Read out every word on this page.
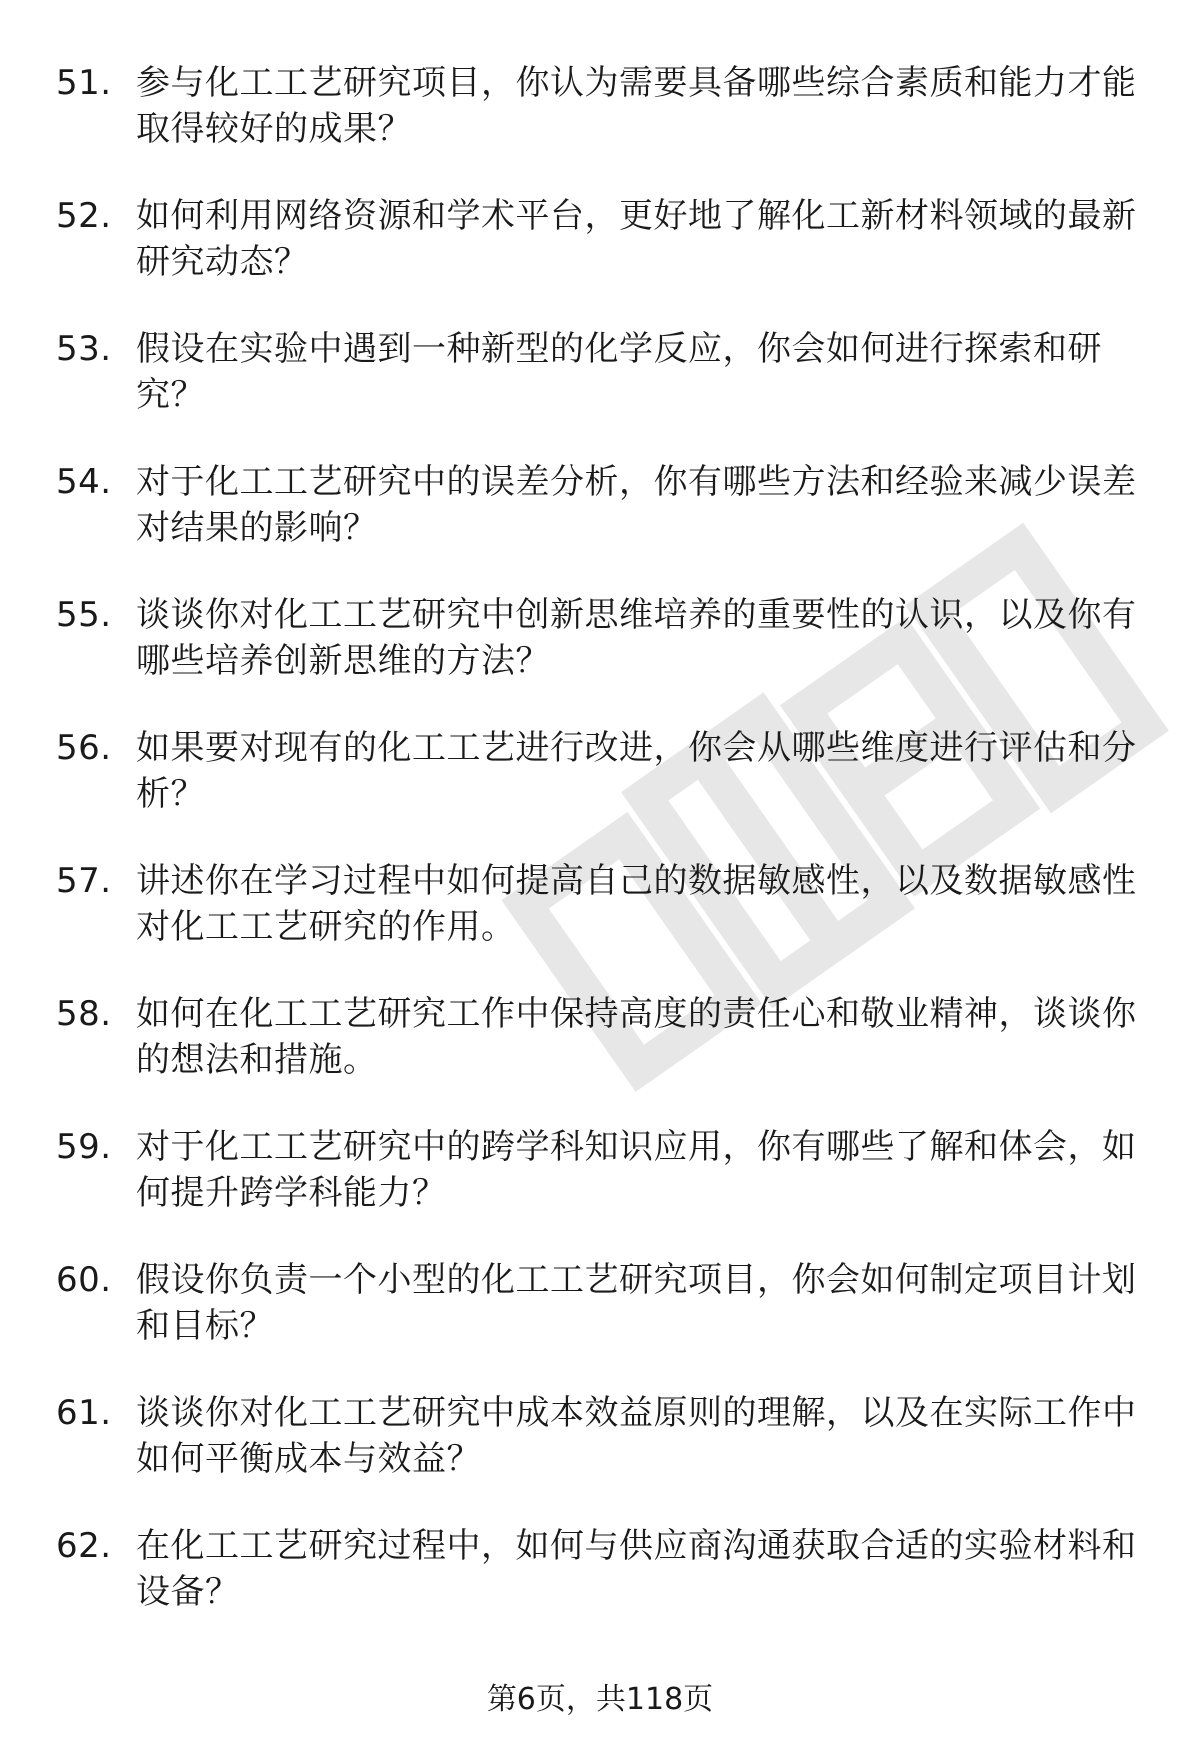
51. 参与化工工艺研究项目，你认为需要具备哪些综合素质和能力才能取得较好的成果？
52. 如何利用网络资源和学术平台，更好地了解化工新材料领域的最新研究动态？
53. 假设在实验中遇到一种新型的化学反应，你会如何进行探索和研究？
54. 对于化工工艺研究中的误差分析，你有哪些方法和经验来减少误差对结果的影响？
55. 谈谈你对化工工艺研究中创新思维培养的重要性的认识，以及你有哪些培养创新思维的方法？
56. 如果要对现有的化工工艺进行改进，你会从哪些维度进行评估和分析？
57. 讲述你在学习过程中如何提高自己的数据敏感性，以及数据敏感性对化工工艺研究的作用。
58. 如何在化工工艺研究工作中保持高度的责任心和敬业精神，谈谈你的想法和措施。
59. 对于化工工艺研究中的跨学科知识应用，你有哪些了解和体会，如何提升跨学科能力？
60. 假设你负责一个小型的化工工艺研究项目，你会如何制定项目计划和目标？
61. 谈谈你对化工工艺研究中成本效益原则的理解，以及在实际工作中如何平衡成本与效益？
62. 在化工工艺研究过程中，如何与供应商沟通获取合适的实验材料和设备？
第6页，共118页
